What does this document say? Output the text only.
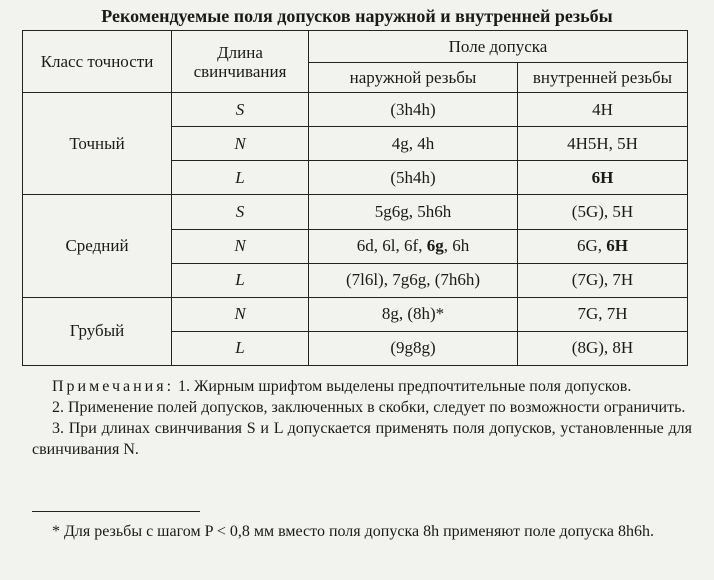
Рекомендуемые поля допусков наружной и внутренней резьбы
Класс точности	Длина свинчивания	Поле допуска	
		наружной резьбы	внутренней резьбы
Точный	S	(3h4h)	4H
	N	4g, 4h	4H5H, 5H
	L	(5h4h)	6H
Средний	S	5g6g, 5h6h	(5G), 5H
	N	6d, 6l, 6f, 6g, 6h	6G, 6H
	L	(7l6l), 7g6g, (7h6h)	(7G), 7H
Грубый	N	8g, (8h)*	7G, 7H
	L	(9g8g)	(8G), 8H

Примечания: 1. Жирным шрифтом выделены предпочтительные поля допусков.

2. Применение полей допусков, заключенных в скобки, следует по возможности ограничить.

3. При длинах свинчивания S и L допускается применять поля допусков, установленные для свинчивания N.

* Для резьбы с шагом P < 0,8 мм вместо поля допуска 8h применяют поле допуска 8h6h.
